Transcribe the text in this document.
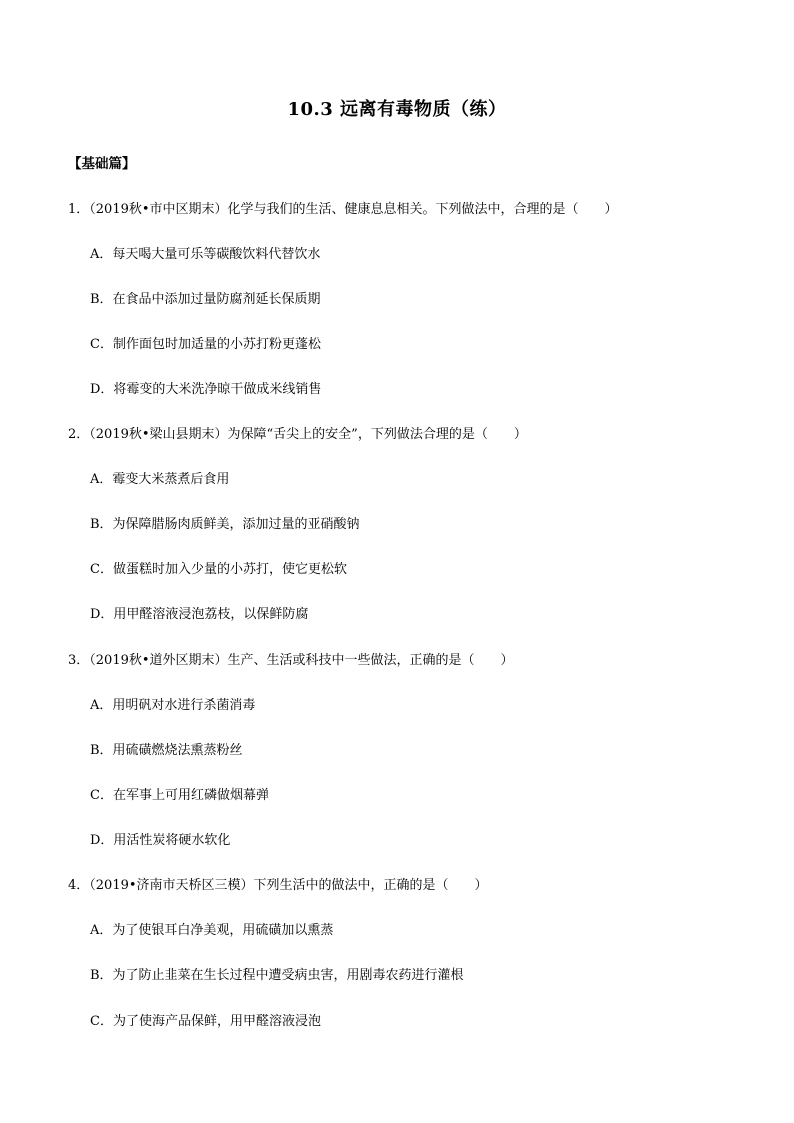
10.3 远离有毒物质（练）
【基础篇】
1．（2019秋•市中区期末）化学与我们的生活、健康息息相关。下列做法中，合理的是（　　）
A．每天喝大量可乐等碳酸饮料代替饮水
B．在食品中添加过量防腐剂延长保质期
C．制作面包时加适量的小苏打粉更蓬松
D．将霉变的大米洗净晾干做成米线销售
2．（2019秋•梁山县期末）为保障“舌尖上的安全”，下列做法合理的是（　　）
A．霉变大米蒸煮后食用
B．为保障腊肠肉质鲜美，添加过量的亚硝酸钠
C．做蛋糕时加入少量的小苏打，使它更松软
D．用甲醛溶液浸泡荔枝，以保鲜防腐
3．（2019秋•道外区期末）生产、生活或科技中一些做法，正确的是（　　）
A．用明矾对水进行杀菌消毒
B．用硫磺燃烧法熏蒸粉丝
C．在军事上可用红磷做烟幕弹
D．用活性炭将硬水软化
4．（2019•济南市天桥区三模）下列生活中的做法中，正确的是（　　）
A．为了使银耳白净美观，用硫磺加以熏蒸
B．为了防止韭菜在生长过程中遭受病虫害，用剧毒农药进行灌根
C．为了使海产品保鲜，用甲醛溶液浸泡
